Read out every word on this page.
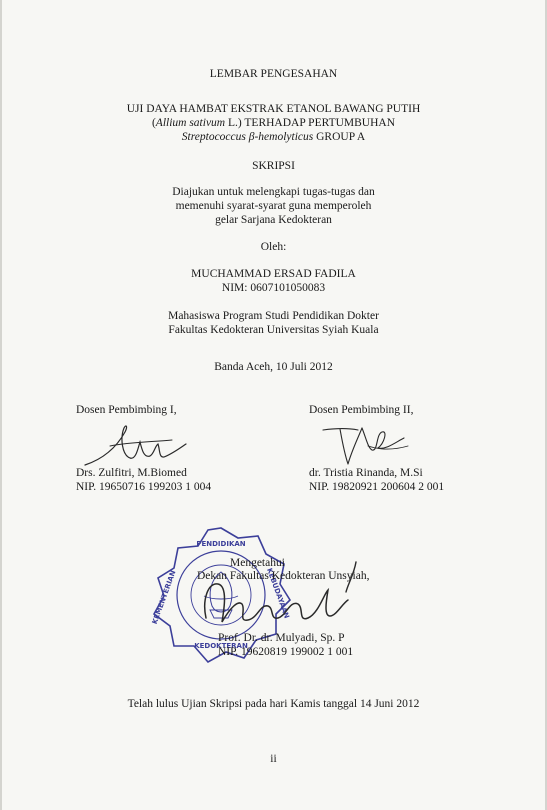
LEMBAR PENGESAHAN
UJI DAYA HAMBAT EKSTRAK ETANOL BAWANG PUTIH
(Allium sativum L.) TERHADAP PERTUMBUHAN
Streptococcus β-hemolyticus GROUP A
SKRIPSI
Diajukan untuk melengkapi tugas-tugas dan
memenuhi syarat-syarat guna memperoleh
gelar Sarjana Kedokteran
Oleh:
MUCHAMMAD ERSAD FADILA
NIM: 0607101050083
Mahasiswa Program Studi Pendidikan Dokter
Fakultas Kedokteran Universitas Syiah Kuala
Banda Aceh, 10 Juli 2012
Dosen Pembimbing I,
Drs. Zulfitri, M.Biomed
NIP. 19650716 199203 1 004
Dosen Pembimbing II,
dr. Tristia Rinanda, M.Si
NIP. 19820921 200604 2 001
PENDIDIKAN
KEDOKTERAN
KEMENTERIAN	KEBUDAYAAN
Mengetahui
Dekan Fakultas Kedokteran Unsyiah,
Prof. Dr. dr. Mulyadi, Sp. P
NIP. 19620819 199002 1 001
Telah lulus Ujian Skripsi pada hari Kamis tanggal 14 Juni 2012
ii
